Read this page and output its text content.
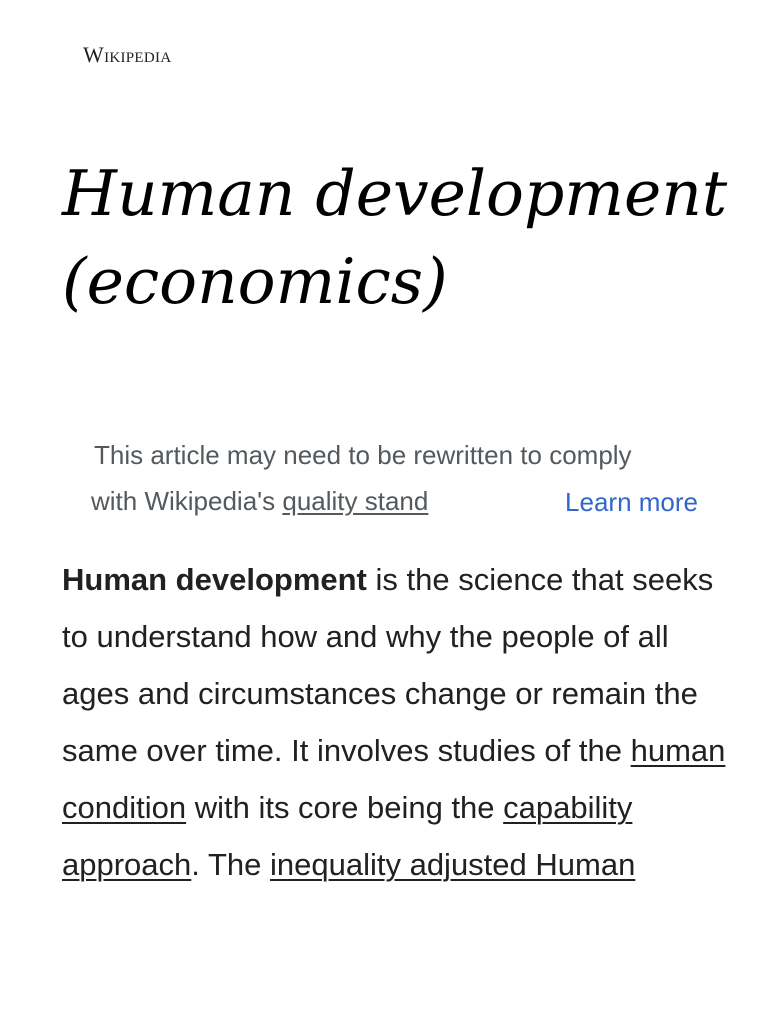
Wikipedia
Human development
(economics)

This article may need to be rewritten to comply
with Wikipedia's quality stand	Learn more

Human development is the science that seeks to understand how and why the people of all ages and circumstances change or remain the same over time. It involves studies of the human condition with its core being the capability approach. The inequality adjusted Human
